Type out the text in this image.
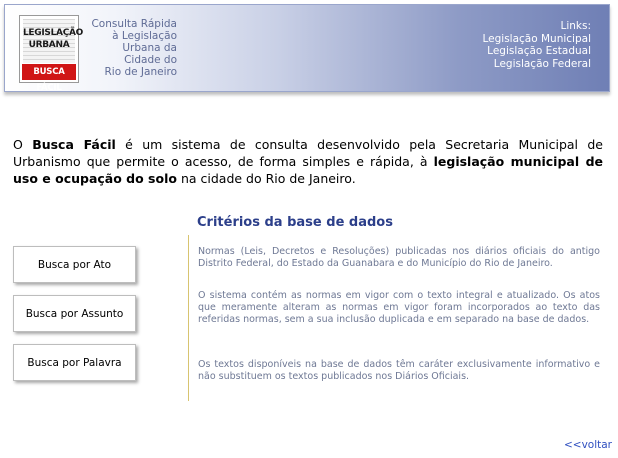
LEGISLAÇÃO
URBANA
BUSCA FÁCIL
Consulta Rápida
à Legislação
Urbana da
Cidade do
Rio de Janeiro
Links:
Legislação Municipal
Legislação Estadual
Legislação Federal

O Busca Fácil é um sistema de consulta desenvolvido pela Secretaria Municipal de Urbanismo que permite o acesso, de forma simples e rápida, à legislação municipal de uso e ocupação do solo na cidade do Rio de Janeiro.

Busca por Ato
Busca por Assunto
Busca por Palavra
Critérios da base de dados

Normas (Leis, Decretos e Resoluções) publicadas nos diários oficiais do antigo Distrito Federal, do Estado da Guanabara e do Município do Rio de Janeiro.

O sistema contém as normas em vigor com o texto integral e atualizado. Os atos que meramente alteram as normas em vigor foram incorporados ao texto das referidas normas, sem a sua inclusão duplicada e em separado na base de dados.

Os textos disponíveis na base de dados têm caráter exclusivamente informativo e não substituem os textos publicados nos Diários Oficiais.

<<voltar
